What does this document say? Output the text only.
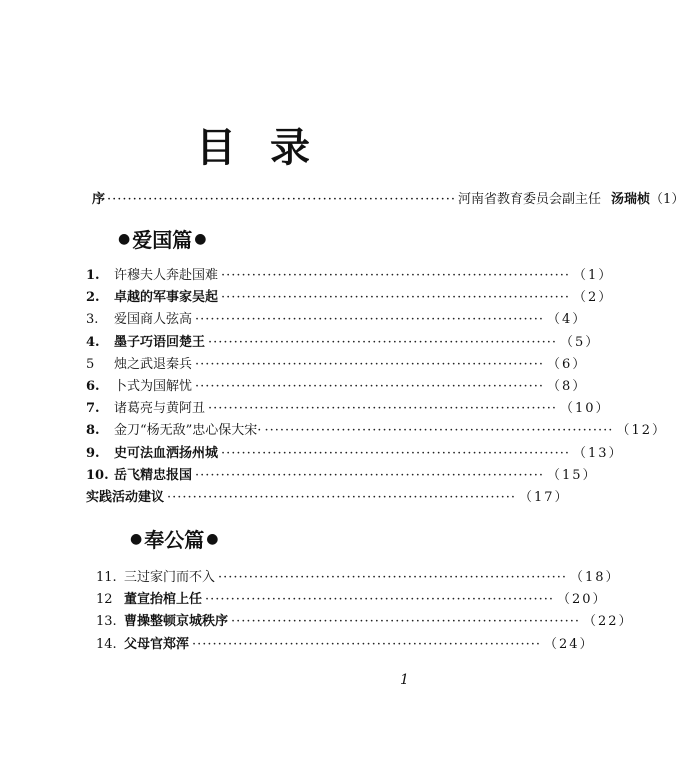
目录
序 ···································································· 河南省教育委员会副主任 汤瑞桢 （1）
● 爱国篇 ●
1.	许穆夫人奔赴国难 ···································································· （1）
2.	卓越的军事家吴起 ···································································· （2）
3.	爱国商人弦高 ···································································· （4）
4.	墨子巧语回楚王 ···································································· （5）
5	烛之武退秦兵 ···································································· （6）
6.	卜式为国解忧 ···································································· （8）
7.	诸葛亮与黄阿丑 ···································································· （10）
8.	金刀“杨无敌”忠心保大宋· ···································································· （12）
9.	史可法血洒扬州城 ···································································· （13）
10. 岳飞精忠报国 ···································································· （15）
实践活动建议 ···································································· （17）
● 奉公篇 ●
11. 三过家门而不入 ···································································· （18）
12 董宣抬棺上任 ···································································· （20）
13. 曹操整顿京城秩序 ···································································· （22）
14. 父母官郑浑 ···································································· （24）
1
